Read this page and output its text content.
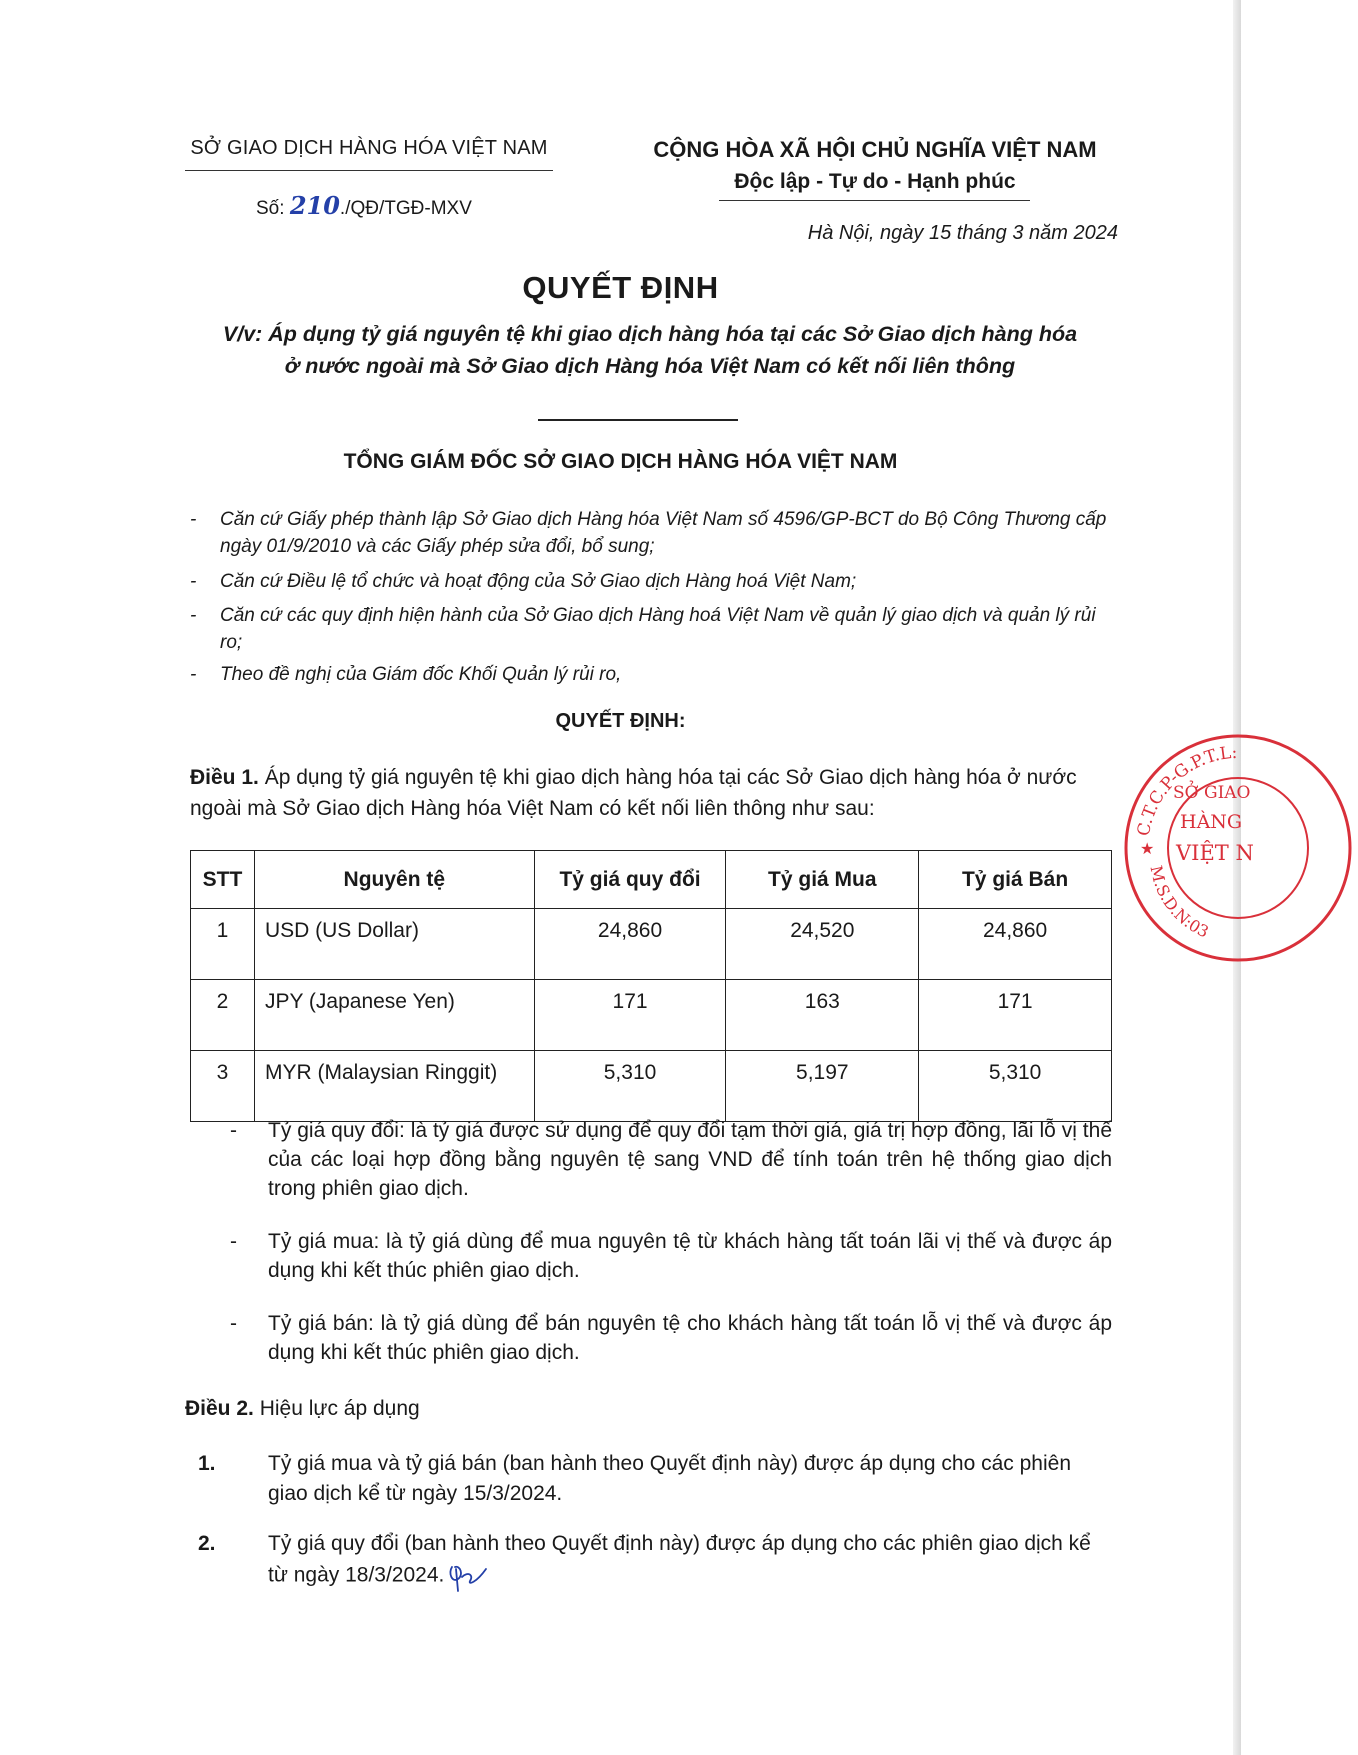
SỞ GIAO DỊCH HÀNG HÓA VIỆT NAM
Số: 210./QĐ/TGĐ-MXV
CỘNG HÒA XÃ HỘI CHỦ NGHĨA VIỆT NAM
Độc lập - Tự do - Hạnh phúc
Hà Nội, ngày 15 tháng 3 năm 2024
QUYẾT ĐỊNH
V/v: Áp dụng tỷ giá nguyên tệ khi giao dịch hàng hóa tại các Sở Giao dịch hàng hóa
ở nước ngoài mà Sở Giao dịch Hàng hóa Việt Nam có kết nối liên thông
TỔNG GIÁM ĐỐC SỞ GIAO DỊCH HÀNG HÓA VIỆT NAM
- Căn cứ Giấy phép thành lập Sở Giao dịch Hàng hóa Việt Nam số 4596/GP-BCT do Bộ Công Thương cấp ngày 01/9/2010 và các Giấy phép sửa đổi, bổ sung;
- Căn cứ Điều lệ tổ chức và hoạt động của Sở Giao dịch Hàng hoá Việt Nam;
- Căn cứ các quy định hiện hành của Sở Giao dịch Hàng hoá Việt Nam về quản lý giao dịch và quản lý rủi ro;
- Theo đề nghị của Giám đốc Khối Quản lý rủi ro,
QUYẾT ĐỊNH:
Điều 1. Áp dụng tỷ giá nguyên tệ khi giao dịch hàng hóa tại các Sở Giao dịch hàng hóa ở nước ngoài mà Sở Giao dịch Hàng hóa Việt Nam có kết nối liên thông như sau:
STT	Nguyên tệ	Tỷ giá quy đổi	Tỷ giá Mua	Tỷ giá Bán
1	USD (US Dollar)	24,860	24,520	24,860
2	JPY (Japanese Yen)	171	163	171
3	MYR (Malaysian Ringgit)	5,310	5,197	5,310
- Tỷ giá quy đổi: là tỷ giá được sử dụng để quy đổi tạm thời giá, giá trị hợp đồng, lãi lỗ vị thế của các loại hợp đồng bằng nguyên tệ sang VND để tính toán trên hệ thống giao dịch trong phiên giao dịch.
- Tỷ giá mua: là tỷ giá dùng để mua nguyên tệ từ khách hàng tất toán lãi vị thế và được áp dụng khi kết thúc phiên giao dịch.
- Tỷ giá bán: là tỷ giá dùng để bán nguyên tệ cho khách hàng tất toán lỗ vị thế và được áp dụng khi kết thúc phiên giao dịch.
Điều 2. Hiệu lực áp dụng
1. Tỷ giá mua và tỷ giá bán (ban hành theo Quyết định này) được áp dụng cho các phiên giao dịch kể từ ngày 15/3/2024.
2. Tỷ giá quy đổi (ban hành theo Quyết định này) được áp dụng cho các phiên giao dịch kể từ ngày 18/3/2024.
C.T.C.P-G.P.T.L:
M.S.D.N:03
SỞ GIAO
HÀNG
VIỆT N
★
